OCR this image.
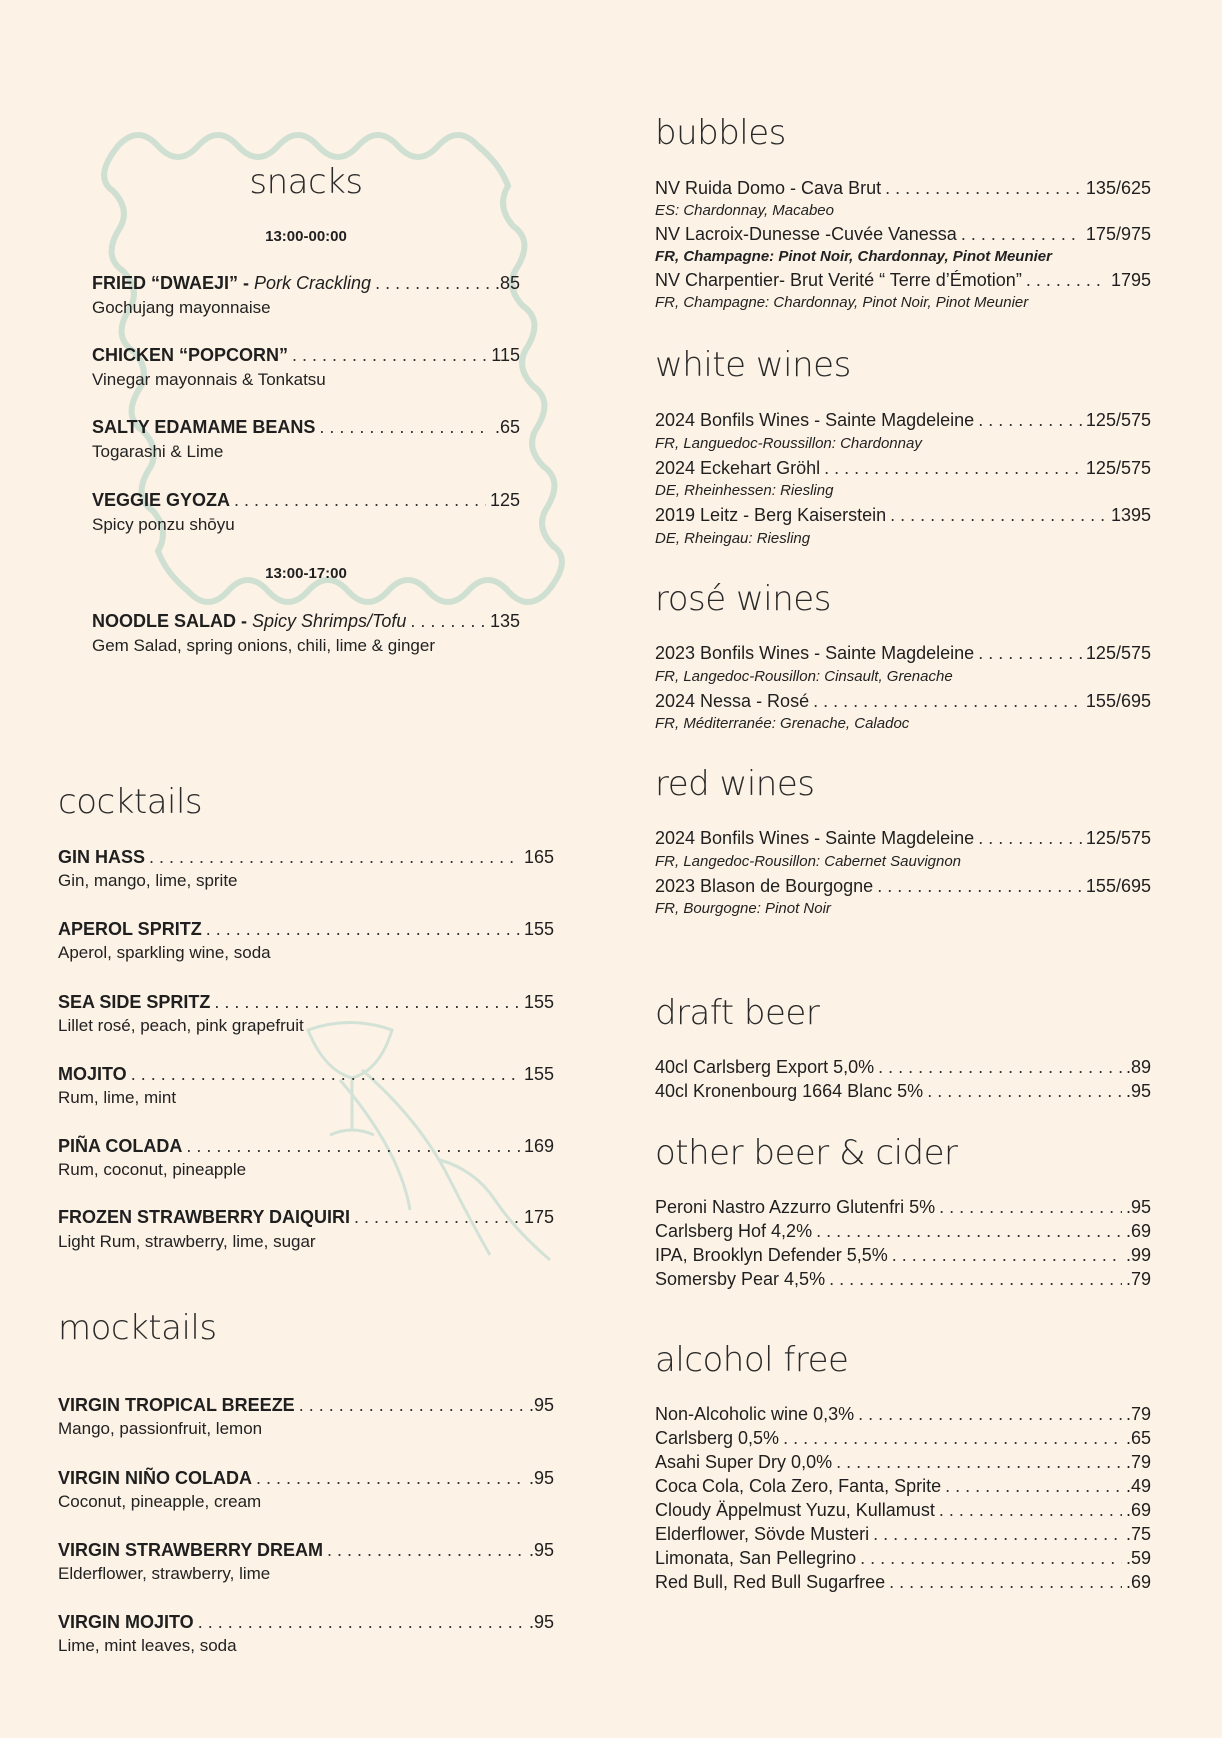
snacks
13:00-00:00
FRIED “DWAEJI” - Pork Crackling . . .	.85
Gochujang mayonnaise
CHICKEN “POPCORN” . . .	115
Vinegar mayonnais & Tonkatsu
SALTY EDAMAME BEANS . . .	.65
Togarashi & Lime
VEGGIE GYOZA . . .	125
Spicy ponzu shōyu
13:00-17:00
NOODLE SALAD - Spicy Shrimps/Tofu . . .	135
Gem Salad, spring onions, chili, lime & ginger
cocktails
GIN HASS . . .	165
Gin, mango, lime, sprite
APEROL SPRITZ . . .	155
Aperol, sparkling wine, soda
SEA SIDE SPRITZ . . .	155
Lillet rosé, peach, pink grapefruit
MOJITO . . .	155
Rum, lime, mint
PIÑA COLADA . . .	169
Rum, coconut, pineapple
FROZEN STRAWBERRY DAIQUIRI . . .	175
Light Rum, strawberry, lime, sugar
mocktails
VIRGIN TROPICAL BREEZE . . .	.95
Mango, passionfruit, lemon
VIRGIN NIÑO COLADA . . .	.95
Coconut, pineapple, cream
VIRGIN STRAWBERRY DREAM . . .	.95
Elderflower, strawberry, lime
VIRGIN MOJITO . . .	.95
Lime, mint leaves, soda
bubbles
NV Ruida Domo - Cava Brut . . .	135/625
ES: Chardonnay, Macabeo
NV Lacroix-Dunesse -Cuvée Vanessa . . .	175/975
FR, Champagne: Pinot Noir, Chardonnay, Pinot Meunier
NV Charpentier- Brut Verité “ Terre d’Émotion” . . .	1795
FR, Champagne: Chardonnay, Pinot Noir, Pinot Meunier
white wines
2024 Bonfils Wines - Sainte Magdeleine . . .	125/575
FR, Languedoc-Roussillon: Chardonnay
2024 Eckehart Gröhl . . .	125/575
DE, Rheinhessen: Riesling
2019 Leitz - Berg Kaiserstein . . .	1395
DE, Rheingau: Riesling
rosé wines
2023 Bonfils Wines - Sainte Magdeleine . . .	125/575
FR, Langedoc-Rousillon: Cinsault, Grenache
2024 Nessa - Rosé . . .	155/695
FR, Méditerranée: Grenache, Caladoc
red wines
2024 Bonfils Wines - Sainte Magdeleine . . .	125/575
FR, Langedoc-Rousillon: Cabernet Sauvignon
2023 Blason de Bourgogne . . .	155/695
FR, Bourgogne: Pinot Noir
draft beer
40cl Carlsberg Export 5,0% . . .	.89
40cl Kronenbourg 1664 Blanc 5% . . .	.95
other beer & cider
Peroni Nastro Azzurro Glutenfri 5% . . .	.95
Carlsberg Hof 4,2% . . .	.69
IPA, Brooklyn Defender 5,5% . . .	.99
Somersby Pear 4,5% . . .	.79
alcohol free
Non-Alcoholic wine 0,3% . . .	.79
Carlsberg 0,5% . . .	.65
Asahi Super Dry 0,0% . . .	.79
Coca Cola, Cola Zero, Fanta, Sprite . . .	.49
Cloudy Äppelmust Yuzu, Kullamust . . .	.69
Elderflower, Sövde Musteri . . .	.75
Limonata, San Pellegrino . . .	.59
Red Bull, Red Bull Sugarfree . . .	.69
